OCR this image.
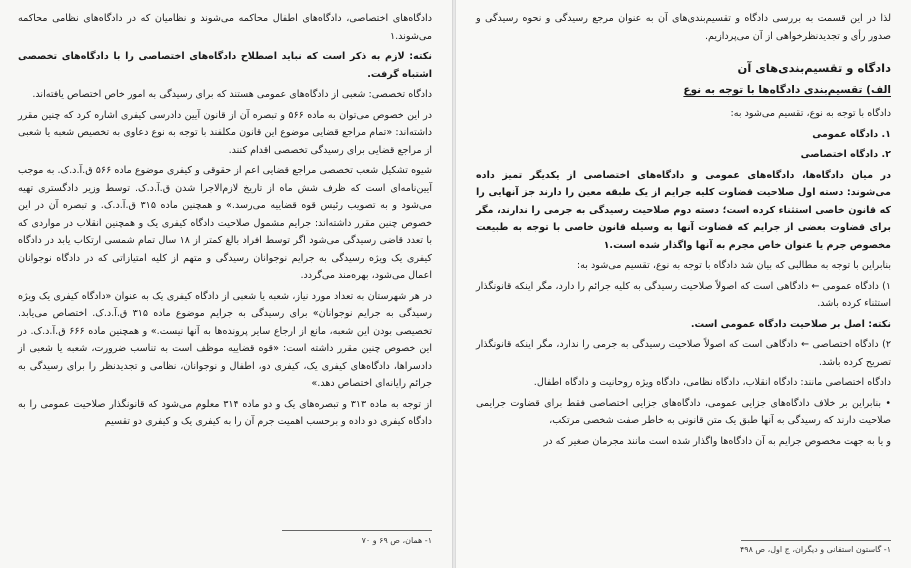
دادگاه‌های اختصاصی، دادگاه‌های اطفال محاکمه می‌شوند و نظامیان که در دادگاه‌های نظامی محاکمه می‌شوند.۱

نکته: لازم به ذکر است که نباید اصطلاح دادگاه‌های اختصاصی را با دادگاه‌های تخصصی اشتباه گرفت.

دادگاه تخصصی: شعبی از دادگاه‌های عمومی هستند که برای رسیدگی به امور خاص اختصاص یافته‌اند.

در این خصوص می‌توان به ماده ۵۶۶ و تبصره آن از قانون آیین دادرسی کیفری اشاره کرد که چنین مقرر داشته‌اند: «تمام مراجع قضایی موضوع این قانون مکلفند با توجه به نوع دعاوی به تخصیص شعبه یا شعبی از مراجع قضایی برای رسیدگی تخصصی اقدام کنند.

شیوه تشکیل شعب تخصصی مراجع قضایی اعم از حقوقی و کیفری موضوع ماده ۵۶۶ ق.آ.د.ک. به موجب آیین‌نامه‌ای است که ظرف شش ماه از تاریخ لازم‌الاجرا شدن ق.آ.د.ک. توسط وزیر دادگستری تهیه می‌شود و به تصویب رئیس قوه قضاییه می‌رسد.» و همچنین ماده ۳۱۵ ق.آ.د.ک. و تبصره آن در این خصوص چنین مقرر داشته‌اند: جرایم مشمول صلاحیت دادگاه کیفری یک و همچنین انقلاب در مواردی که با تعدد قاضی رسیدگی می‌شود اگر توسط افراد بالغ کمتر از ۱۸ سال تمام شمسی ارتکاب یابد در دادگاه کیفری یک ویژه رسیدگی به جرایم نوجوانان رسیدگی و متهم از کلیه امتیازاتی که در دادگاه نوجوانان اعمال می‌شود، بهره‌مند می‌گردد.

در هر شهرستان به تعداد مورد نیاز، شعبه یا شعبی از دادگاه کیفری یک به عنوان «دادگاه کیفری یک ویژه رسیدگی به جرایم نوجوانان» برای رسیدگی به جرایم موضوع ماده ۳۱۵ ق.آ.د.ک. اختصاص می‌یابد. تخصیصی بودن این شعبه، مانع از ارجاع سایر پرونده‌ها به آنها نیست.» و همچنین ماده ۶۶۶ ق.آ.د.ک. در این خصوص چنین مقرر داشته است: «قوه قضاییه موظف است به تناسب ضرورت، شعبه یا شعبی از دادسراها، دادگاه‌های کیفری یک، کیفری دو، اطفال و نوجوانان، نظامی و تجدیدنظر را برای رسیدگی به جرائم رایانه‌ای اختصاص دهد.»

از توجه به ماده ۳۱۳ و تبصره‌های یک و دو ماده ۳۱۴ معلوم می‌شود که قانونگذار صلاحیت عمومی را به دادگاه کیفری دو داده و برحسب اهمیت جرم آن را به کیفری یک و کیفری دو تقسیم

۱- همان، ص ۶۹ و ۷۰

لذا در این قسمت به بررسی دادگاه و تقسیم‌بندی‌های آن به عنوان مرجع رسیدگی و نحوه رسیدگی و صدور رأی و تجدیدنظرخواهی از آن می‌پردازیم.

دادگاه و تقسیم‌بندی‌های آن
الف) تقسیم‌بندی دادگاه‌ها با توجه به نوع

دادگاه با توجه به نوع، تقسیم می‌شود به:

۱. دادگاه عمومی

۲. دادگاه اختصاصی

در میان دادگاه‌ها، دادگاه‌های عمومی و دادگاه‌های اختصاصی از یکدیگر تمیز داده می‌شوند: دسته اول صلاحیت قضاوت کلیه جرایم از یک طبقه معین را دارند جز آنهایی را که قانون خاصی استثناء کرده است؛ دسته دوم صلاحیت رسیدگی به جرمی را ندارند، مگر برای قضاوت بعضی از جرایم که قضاوت آنها به وسیله قانون خاصی با توجه به طبیعت مخصوص جرم یا عنوان خاص مجرم به آنها واگذار شده است.۱

بنابراین با توجه به مطالبی که بیان شد دادگاه با توجه به نوع، تقسیم می‌شود به:

۱) دادگاه عمومی ← دادگاهی است که اصولاً صلاحیت رسیدگی به کلیه جرائم را دارد، مگر اینکه قانونگذار استثناء کرده باشد.

نکته: اصل بر صلاحیت دادگاه عمومی است.

۲) دادگاه اختصاصی ← دادگاهی است که اصولاً صلاحیت رسیدگی به جرمی را ندارد، مگر اینکه قانونگذار تصریح کرده باشد.

دادگاه اختصاصی مانند: دادگاه انقلاب، دادگاه نظامی، دادگاه ویژه روحانیت و دادگاه اطفال.

• بنابراین بر خلاف دادگاه‌های جزایی عمومی، دادگاه‌های جزایی اختصاصی فقط برای قضاوت جرایمی صلاحیت دارند که رسیدگی به آنها طبق یک متن قانونی به خاطر صفت شخصی مرتکب،

و یا به جهت مخصوص جرایم به آن دادگاه‌ها واگذار شده است مانند مجرمان صغیر که در

۱- گاستون استفانی و دیگران، ج اول، ص ۴۹۸
